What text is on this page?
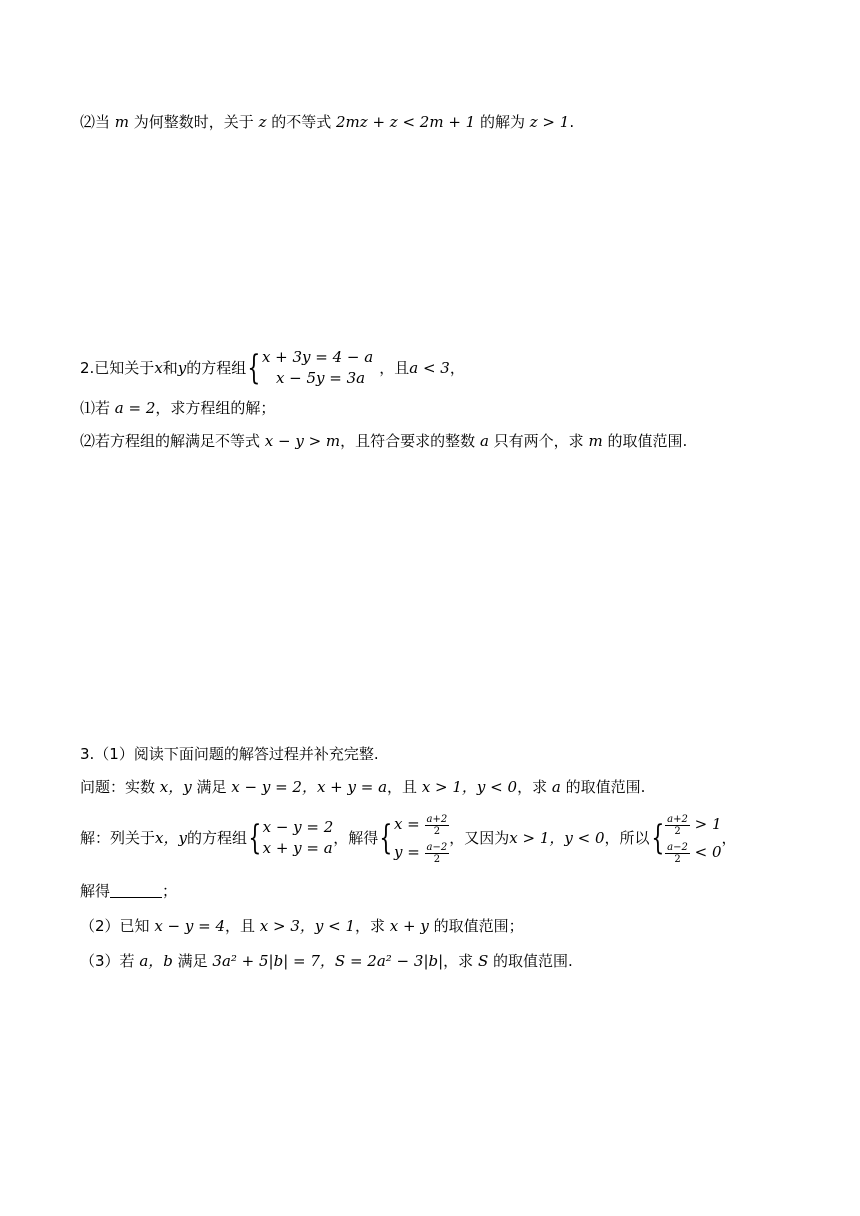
⑵当 m 为何整数时，关于 z 的不等式 2mz + z < 2m + 1 的解为 z > 1.
2.已知关于 x 和 y 的方程组 { x + 3y = 4 − a
x − 5y = 3a
，且 a < 3 ，
⑴若 a = 2，求方程组的解；
⑵若方程组的解满足不等式 x − y > m，且符合要求的整数 a 只有两个，求 m 的取值范围.
3.（1）阅读下面问题的解答过程并补充完整.
问题：实数 x，y 满足 x − y = 2，x + y = a，且 x > 1，y < 0，求 a 的取值范围.
解：列关于 x，y 的方程组 { x − y = 2
x + y = a
，解得 { $x = \frac{a+2}{2}$
$y = \frac{a-2}{2}$
，又因为 x > 1，y < 0 ，所以 { $\frac{a+2}{2} > 1$
$\frac{a-2}{2} < 0$
，
解得	；
（2）已知 x − y = 4，且 x > 3，y < 1，求 x + y 的取值范围；
（3）若 a，b 满足 3a² + 5|b| = 7，S = 2a² − 3|b|，求 S 的取值范围.
